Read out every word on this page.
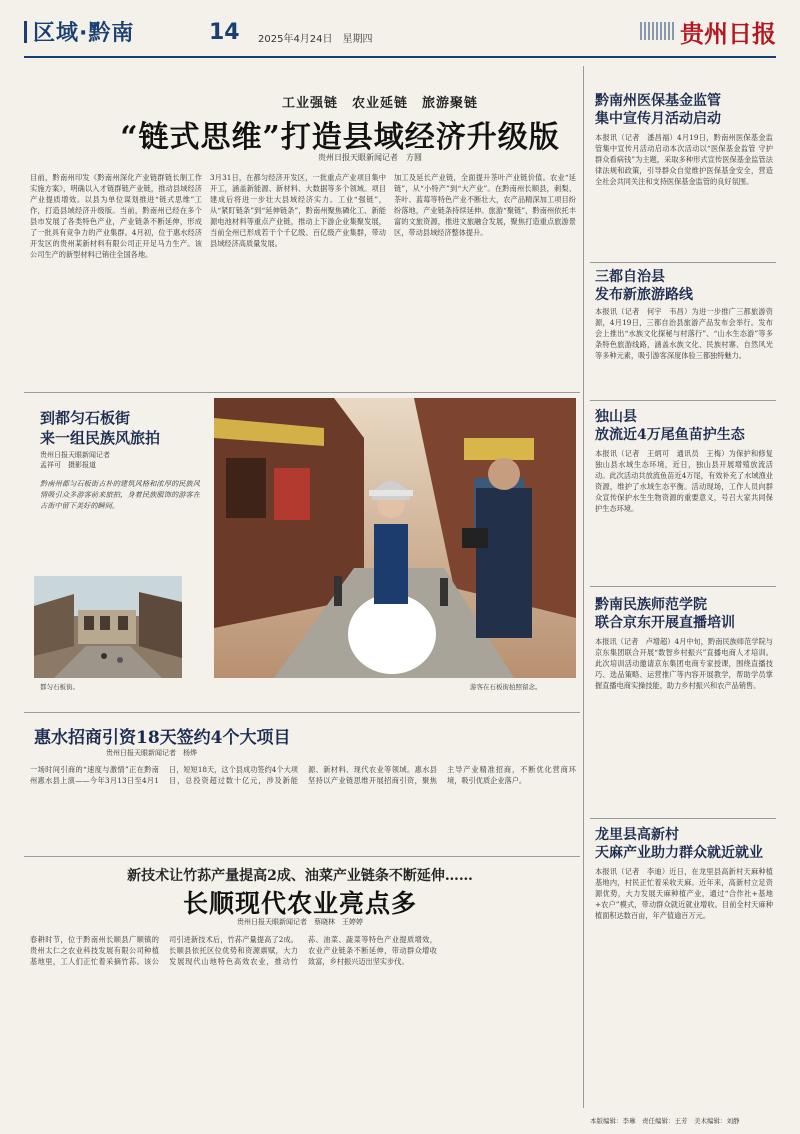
区域·黔南	14 2025年4月24日　星期四	贵州日报
工业强链　农业延链　旅游聚链
“链式思维”打造县域经济升级版
贵州日报天眼新闻记者　方圆
目前，黔南州印发《黔南州深化产业链群链长制工作实施方案》，明确以入才链群链产业链，推动县域经济产业提质增效。以县为单位谋划推进“链式思维”工作，打造县域经济升级版。当前，黔南州已经在多个县市发展了各类特色产业，产业链条不断延伸，形成了一批具有竞争力的产业集群。4月初，位于惠水经济开发区的贵州某新材料有限公司正开足马力生产。该公司生产的新型材料已销往全国各地。
3月31日，在都匀经济开发区，一批重点产业项目集中开工，涵盖新能源、新材料、大数据等多个领域。项目建成后将进一步壮大县域经济实力。工业“强链”，从“紧盯链条”到“延伸链条”，黔南州聚焦磷化工、新能源电池材料等重点产业链，推动上下游企业集聚发展，当前全州已形成若干个千亿级、百亿级产业集群，带动县域经济高质量发展。
加工及延长产业链，全面提升茶叶产业链价值。农业“延链”，从“小特产”到“大产业”。在黔南州长顺县，刺梨、茶叶、蓝莓等特色产业不断壮大，农产品精深加工项目纷纷落地，产业链条持续延伸。旅游“聚链”，黔南州依托丰富的文旅资源，推进文旅融合发展，聚焦打造重点旅游景区，带动县域经济整体提升。
黔南州医保基金监管
集中宣传月活动启动
本报讯（记者　潘昌福）4月19日，黔南州医保基金监管集中宣传月活动启动本次活动以“医保基金监管 守护群众看病钱”为主题，采取多种形式宣传医保基金监管法律法规和政策，引导群众自觉维护医保基金安全，营造全社会共同关注和支持医保基金监管的良好氛围。
三都自治县
发布新旅游路线
本报讯（记者　何宇　韦昌）为进一步推广三都旅游资源，4月19日，三都自治县旅游产品发布会举行。发布会上推出“水族文化探秘与村落行”、“山水生态游”等多条特色旅游线路，涵盖水族文化、民族村寨、自然风光等多种元素，吸引游客深度体验三都独特魅力。
独山县
放流近4万尾鱼苗护生态
本报讯（记者　王炳可　通讯员　王梅）为保护和修复独山县水域生态环境，近日，独山县开展增殖放流活动。此次活动共放流鱼苗近4万尾，有效补充了水域渔业资源，维护了水域生态平衡。活动现场，工作人员向群众宣传保护水生生物资源的重要意义，号召大家共同保护生态环境。
黔南民族师范学院
联合京东开展直播培训
本报讯（记者　卢增超）4月中旬，黔南民族师范学院与京东集团联合开展“数智乡村振兴”直播电商人才培训。此次培训活动邀请京东集团电商专家授课，围绕直播技巧、选品策略、运营推广等内容开展教学，帮助学员掌握直播电商实操技能，助力乡村振兴和农产品销售。
龙里县高新村
天麻产业助力群众就近就业
本报讯（记者　李迪）近日，在龙里县高新村天麻种植基地内，村民正忙着采收天麻。近年来，高新村立足资源优势，大力发展天麻种植产业，通过“合作社+基地+农户”模式，带动群众就近就业增收。目前全村天麻种植面积达数百亩，年产值逾百万元。
到都匀石板街
来一组民族风旅拍
贵州日报天眼新闻记者
孟祥可　摄影报道
黔南州都匀石板街古朴的建筑风格和浓厚的民族风情吸引众多游客前来旅拍，身着民族服饰的游客在古街中留下美好的瞬间。
都匀石板街。	游客在石板街拍照留念。
惠水招商引资18天签约4个大项目
贵州日报天眼新闻记者　杨烨
一场时间引商的“速度与激情”正在黔南州惠水县上演——今年3月13日至4月1日，短短18天，这个县成功签约4个大项目，总投资超过数十亿元，涉及新能源、新材料、现代农业等领域。惠水县坚持以产业链思维开展招商引资，聚焦主导产业精准招商，不断优化营商环境，吸引优质企业落户。
新技术让竹荪产量提高2成、油菜产业链条不断延伸……
长顺现代农业亮点多
贵州日报天眼新闻记者　蔡晓林　王婷婷
春耕时节，位于黔南州长顺县广顺镇的贵州太仁之农业科技发展有限公司种植基地里，工人们正忙着采摘竹荪。该公司引进新技术后，竹荪产量提高了2成。长顺县依托区位优势和资源禀赋，大力发展现代山地特色高效农业，推动竹荪、油菜、蔬菜等特色产业提质增效，农业产业链条不断延伸，带动群众增收致富，乡村振兴迈出坚实步伐。
本版编辑：李琳　责任编辑：王芳　美术编辑：刘静
